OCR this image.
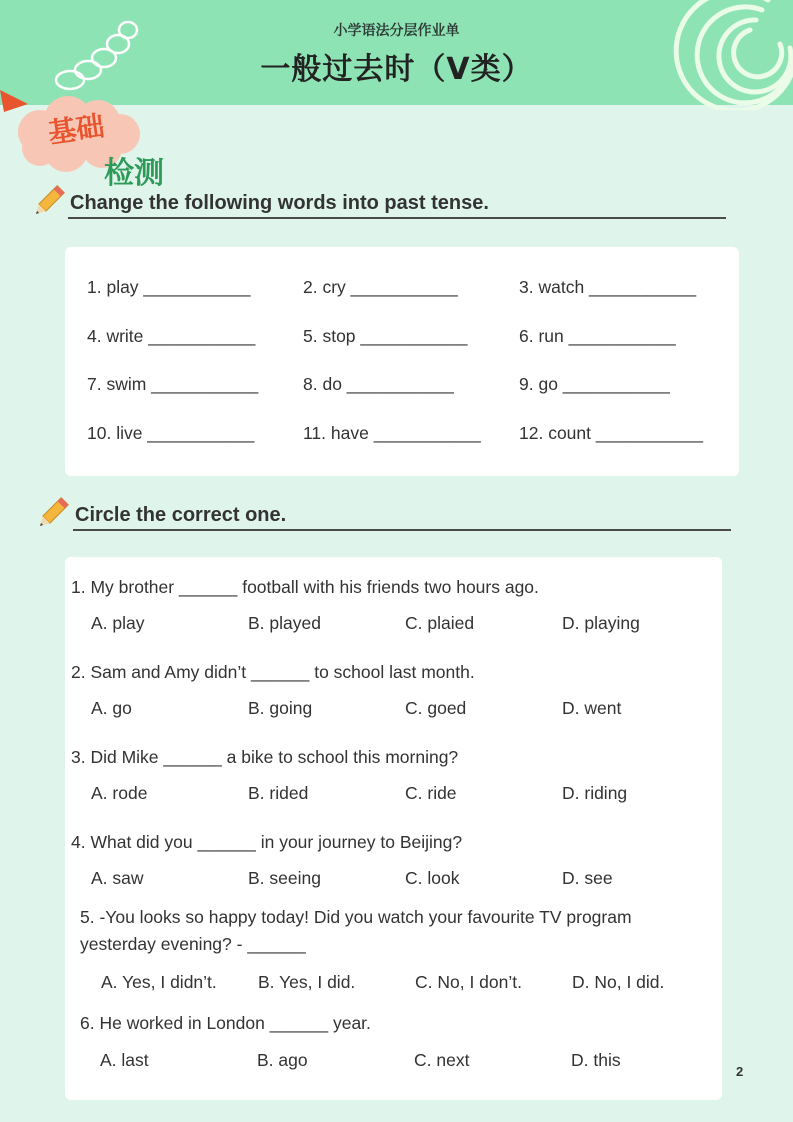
小学语法分层作业单
一般过去时（V类）
基础
检测
Change the following words into past tense.
1. play ___________	2. cry ___________	3. watch ___________
4. write ___________	5. stop ___________	6. run ___________
7. swim ___________	8. do ___________	9. go ___________
10. live ___________	11. have ___________ 12. count ___________
Circle the correct one.
1. My brother ______ football with his friends two hours ago.
A. play	B. played	C. plaied	D. playing
2. Sam and Amy didn’t ______ to school last month.
A. go	B. going	C. goed	D. went
3. Did Mike ______ a bike to school this morning?
A. rode	B. rided	C. ride	D. riding
4. What did you ______ in your journey to Beijing?
A. saw	B. seeing	C. look	D. see
5. -You looks so happy today! Did you watch your favourite TV program
yesterday evening? - ______
A. Yes, I didn’t. B. Yes, I did.	C. No, I don’t.	D. No, I did.
6. He worked in London ______ year.
A. last	B. ago	C. next	D. this
2
